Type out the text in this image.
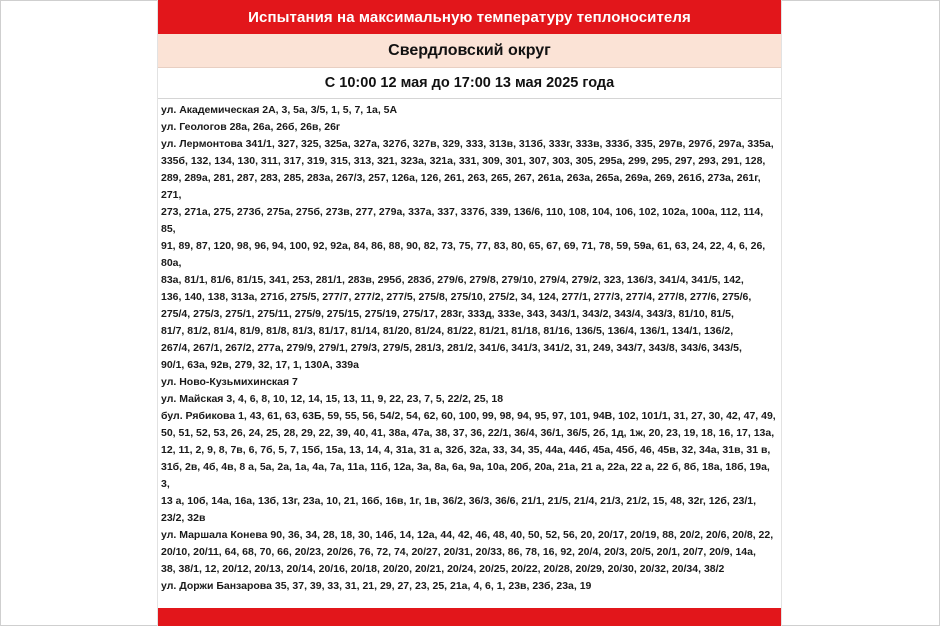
Испытания на максимальную температуру теплоносителя
Свердловский округ
С 10:00 12 мая до 17:00 13 мая 2025 года

ул. Академическая 2А, 3, 5а, 3/5, 1, 5, 7, 1а, 5А

ул. Геологов 28а, 26а, 26б, 26в, 26г

ул. Лермонтова 341/1, 327, 325, 325а, 327а, 327б, 327в, 329, 333, 313в, 313б, 333г, 333в, 333б, 335, 297в, 297б, 297а, 335а,

335б, 132, 134, 130, 311, 317, 319, 315, 313, 321, 323а, 321а, 331, 309, 301, 307, 303, 305, 295а, 299, 295, 297, 293, 291, 128,

289, 289а, 281, 287, 283, 285, 283а, 267/3, 257, 126а, 126, 261, 263, 265, 267, 261а, 263а, 265а, 269а, 269, 261б, 273а, 261г, 271,

273, 271а, 275, 273б, 275а, 275б, 273в, 277, 279а, 337а, 337, 337б, 339, 136/6, 110, 108, 104, 106, 102, 102а, 100а, 112, 114, 85,

91, 89, 87, 120, 98, 96, 94, 100, 92, 92а, 84, 86, 88, 90, 82, 73, 75, 77, 83, 80, 65, 67, 69, 71, 78, 59, 59а, 61, 63, 24, 22, 4, 6, 26, 80а,

83а, 81/1, 81/6, 81/15, 341, 253, 281/1, 283в, 295б, 283б, 279/6, 279/8, 279/10, 279/4, 279/2, 323, 136/3, 341/4, 341/5, 142,

136, 140, 138, 313а, 271б, 275/5, 277/7, 277/2, 277/5, 275/8, 275/10, 275/2, 34, 124, 277/1, 277/3, 277/4, 277/8, 277/6, 275/6,

275/4, 275/3, 275/1, 275/11, 275/9, 275/15, 275/19, 275/17, 283г, 333д, 333е, 343, 343/1, 343/2, 343/4, 343/3, 81/10, 81/5,

81/7, 81/2, 81/4, 81/9, 81/8, 81/3, 81/17, 81/14, 81/20, 81/24, 81/22, 81/21, 81/18, 81/16, 136/5, 136/4, 136/1, 134/1, 136/2,

267/4, 267/1, 267/2, 277а, 279/9, 279/1, 279/3, 279/5, 281/3, 281/2, 341/6, 341/3, 341/2, 31, 249, 343/7, 343/8, 343/6, 343/5,

90/1, 63а, 92в, 279, 32, 17, 1, 130А, 339а

ул. Ново-Кузьмихинская 7

ул. Майская 3, 4, 6, 8, 10, 12, 14, 15, 13, 11, 9, 22, 23, 7, 5, 22/2, 25, 18

бул. Рябикова 1, 43, 61, 63, 63Б, 59, 55, 56, 54/2, 54, 62, 60, 100, 99, 98, 94, 95, 97, 101, 94В, 102, 101/1, 31, 27, 30, 42, 47, 49,

50, 51, 52, 53, 26, 24, 25, 28, 29, 22, 39, 40, 41, 38а, 47а, 38, 37, 36, 22/1, 36/4, 36/1, 36/5, 2б, 1д, 1ж, 20, 23, 19, 18, 16, 17, 13а,

12, 11, 2, 9, 8, 7в, 6, 7б, 5, 7, 15б, 15а, 13, 14, 4, 31а, 31 а, 32б, 32а, 33, 34, 35, 44а, 44б, 45а, 45б, 46, 45в, 32, 34а, 31в, 31 в,

31б, 2в, 4б, 4в, 8 а, 5а, 2а, 1а, 4а, 7а, 11а, 11б, 12а, 3а, 8а, 6а, 9а, 10а, 20б, 20а, 21а, 21 а, 22а, 22 а, 22 б, 8б, 18а, 18б, 19а, 3,

13 а, 10б, 14а, 16а, 13б, 13г, 23а, 10, 21, 16б, 16в, 1г, 1в, 36/2, 36/3, 36/6, 21/1, 21/5, 21/4, 21/3, 21/2, 15, 48, 32г, 12б, 23/1,

23/2, 32в

ул. Маршала Конева 90, 36, 34, 28, 18, 30, 14б, 14, 12а, 44, 42, 46, 48, 40, 50, 52, 56, 20, 20/17, 20/19, 88, 20/2, 20/6, 20/8, 22,

20/10, 20/11, 64, 68, 70, 66, 20/23, 20/26, 76, 72, 74, 20/27, 20/31, 20/33, 86, 78, 16, 92, 20/4, 20/3, 20/5, 20/1, 20/7, 20/9, 14а,

38, 38/1, 12, 20/12, 20/13, 20/14, 20/16, 20/18, 20/20, 20/21, 20/24, 20/25, 20/22, 20/28, 20/29, 20/30, 20/32, 20/34, 38/2

ул. Доржи Банзарова 35, 37, 39, 33, 31, 21, 29, 27, 23, 25, 21а, 4, 6, 1, 23в, 23б, 23а, 19
